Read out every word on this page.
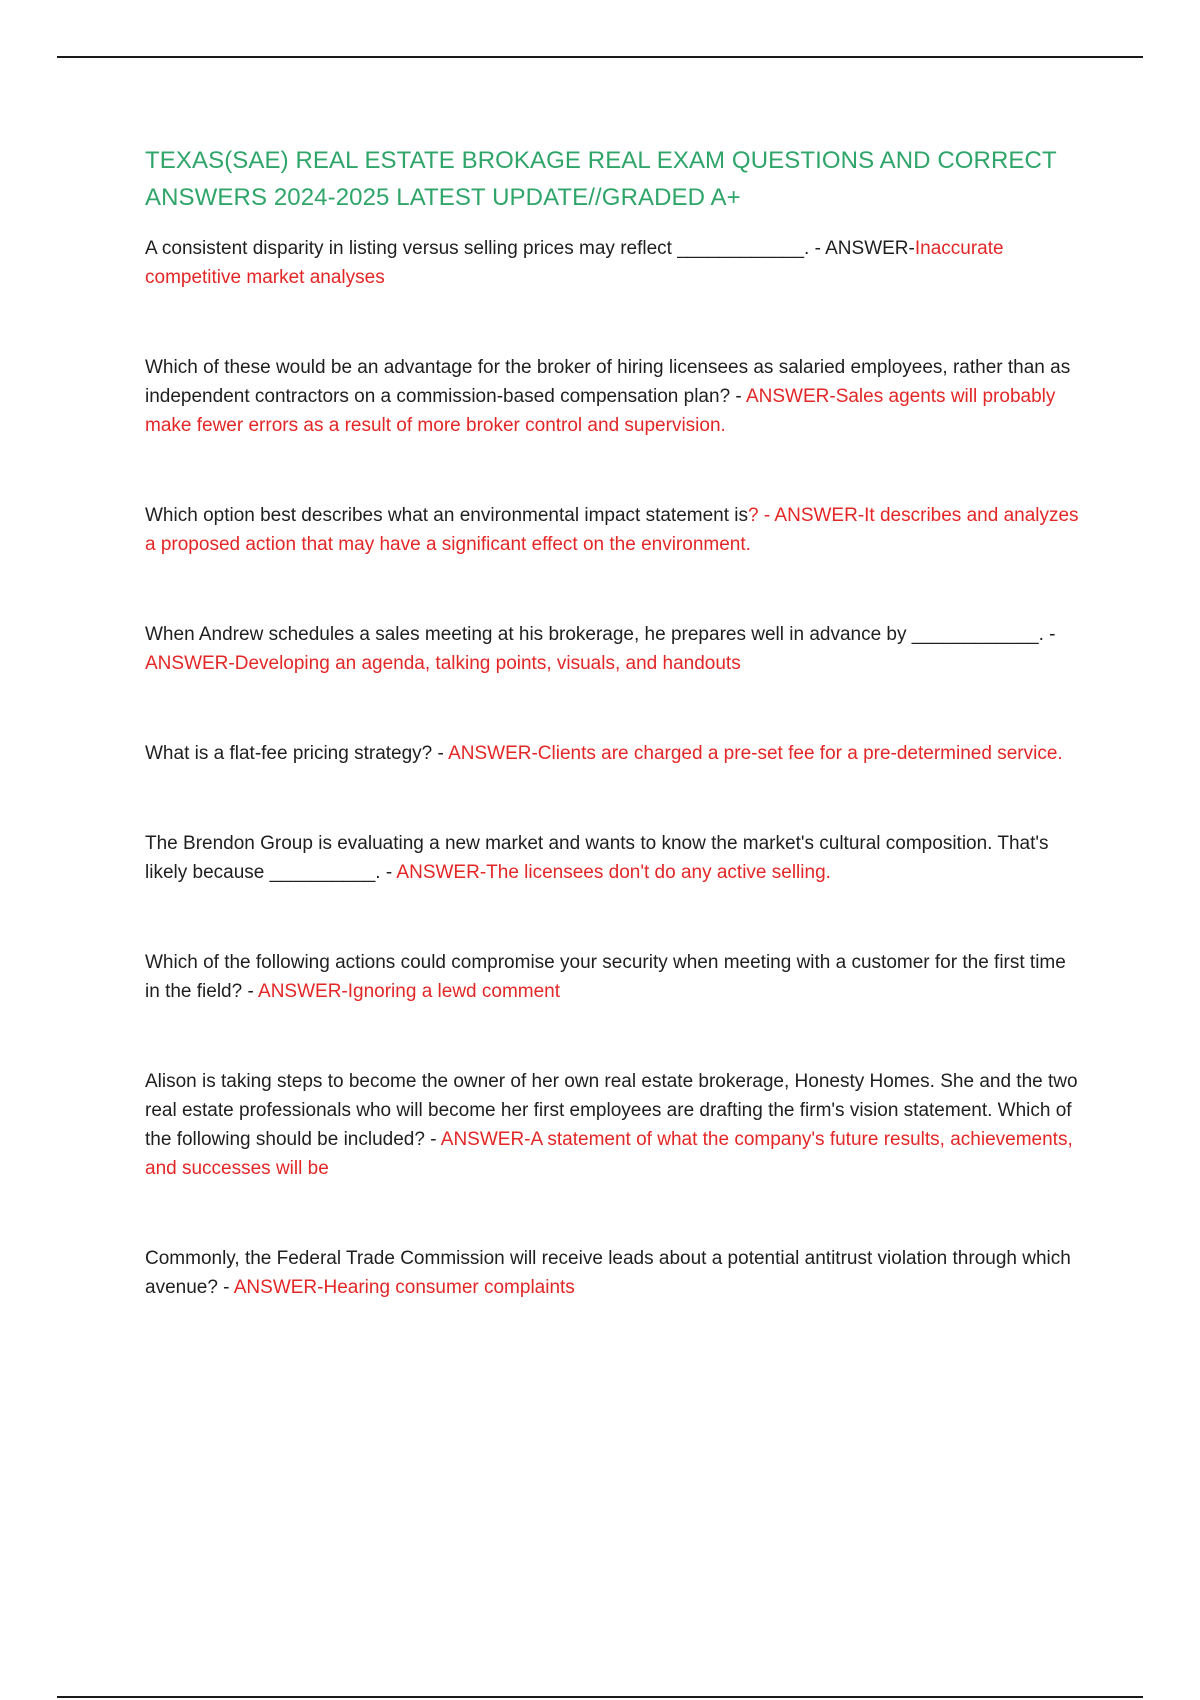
TEXAS(SAE) REAL ESTATE BROKAGE REAL EXAM QUESTIONS AND CORRECT ANSWERS 2024-2025 LATEST UPDATE//GRADED A+

A consistent disparity in listing versus selling prices may reflect ____________. - ANSWER-Inaccurate competitive market analyses

Which of these would be an advantage for the broker of hiring licensees as salaried employees, rather than as independent contractors on a commission-based compensation plan? - ANSWER-Sales agents will probably make fewer errors as a result of more broker control and supervision.

Which option best describes what an environmental impact statement is? - ANSWER-It describes and analyzes a proposed action that may have a significant effect on the environment.

When Andrew schedules a sales meeting at his brokerage, he prepares well in advance by ____________. - ANSWER-Developing an agenda, talking points, visuals, and handouts

What is a flat-fee pricing strategy? - ANSWER-Clients are charged a pre-set fee for a pre-determined service.

The Brendon Group is evaluating a new market and wants to know the market's cultural composition. That's likely because __________. - ANSWER-The licensees don't do any active selling.

Which of the following actions could compromise your security when meeting with a customer for the first time in the field? - ANSWER-Ignoring a lewd comment

Alison is taking steps to become the owner of her own real estate brokerage, Honesty Homes. She and the two real estate professionals who will become her first employees are drafting the firm's vision statement. Which of the following should be included? - ANSWER-A statement of what the company's future results, achievements, and successes will be

Commonly, the Federal Trade Commission will receive leads about a potential antitrust violation through which avenue? - ANSWER-Hearing consumer complaints
